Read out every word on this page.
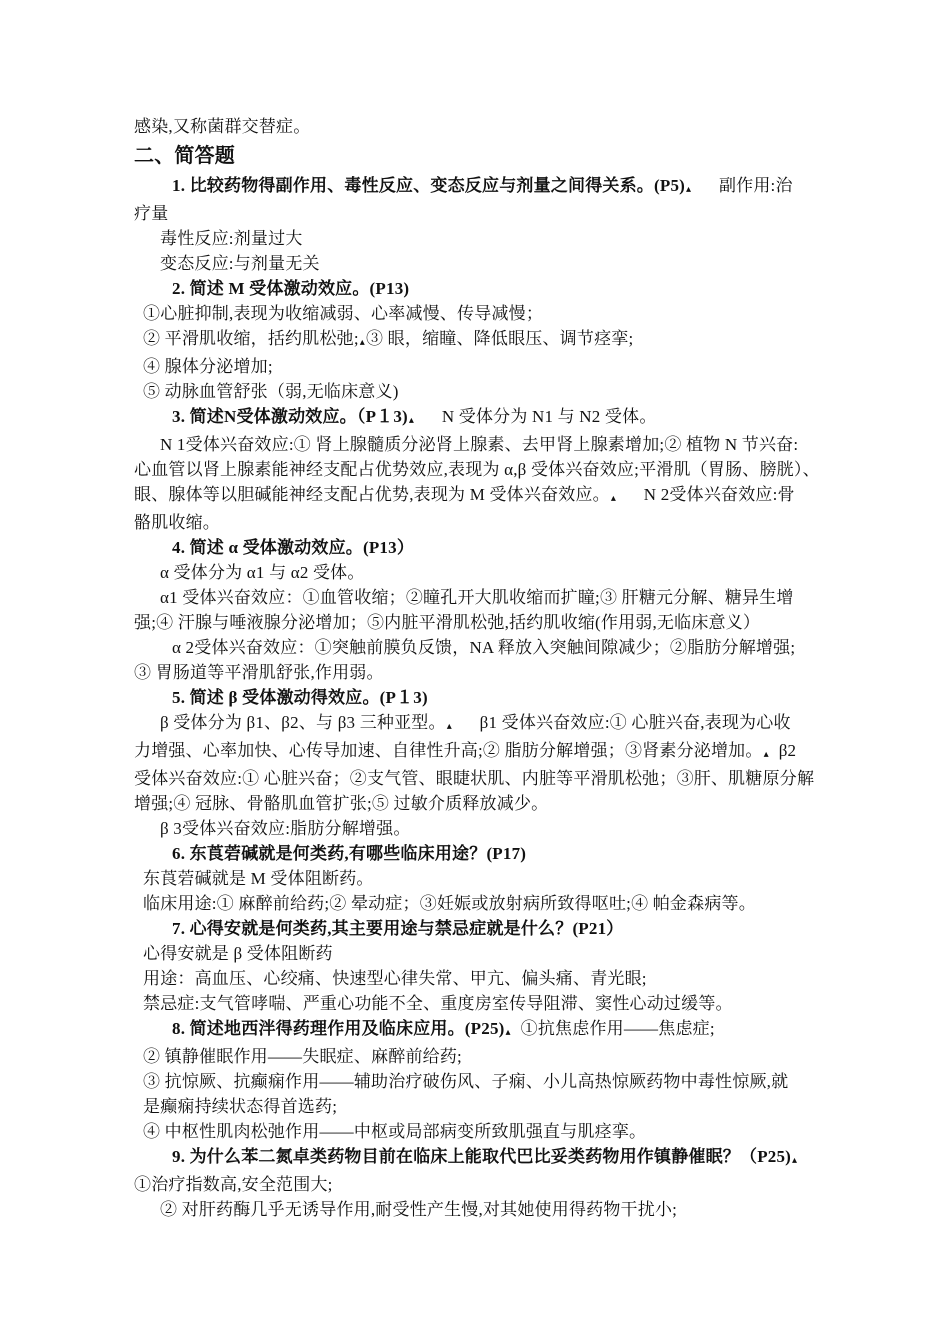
感染,又称菌群交替症。
二、简答题
1. 比较药物得副作用、毒性反应、变态反应与剂量之间得关系。(P5)▴      副作用:治
疗量
毒性反应:剂量过大
变态反应:与剂量无关
2. 简述 M 受体激动效应。(P13)
①心脏抑制,表现为收缩减弱、心率减慢、传导减慢；
② 平滑肌收缩，括约肌松弛;▴③ 眼，缩瞳、降低眼压、调节痉挛;
④ 腺体分泌增加;
⑤ 动脉血管舒张（弱,无临床意义)
3. 简述N受体激动效应。（P１3)▴      N 受体分为 N1 与 N2 受体。
N 1受体兴奋效应:① 肾上腺髓质分泌肾上腺素、去甲肾上腺素增加;② 植物 N 节兴奋:
心血管以肾上腺素能神经支配占优势效应,表现为 α,β 受体兴奋效应;平滑肌（胃肠、膀胱）、
眼、腺体等以胆碱能神经支配占优势,表现为 M 受体兴奋效应。▴      N 2受体兴奋效应:骨
骼肌收缩。
4. 简述 α 受体激动效应。(P13）
α 受体分为 α1 与 α2 受体。
α1 受体兴奋效应：①血管收缩；②瞳孔开大肌收缩而扩瞳;③ 肝糖元分解、糖异生增
强;④ 汗腺与唾液腺分泌增加；⑤内脏平滑肌松弛,括约肌收缩(作用弱,无临床意义）
α 2受体兴奋效应：①突触前膜负反馈，NA 释放入突触间隙减少；②脂肪分解增强;
③ 胃肠道等平滑肌舒张,作用弱。
5. 简述 β 受体激动得效应。(P１3)
β 受体分为 β1、β2、与 β3 三种亚型。▴      β1 受体兴奋效应:① 心脏兴奋,表现为心收
力增强、心率加快、心传导加速、自律性升高;② 脂肪分解增强；③肾素分泌增加。▴  β2
受体兴奋效应:① 心脏兴奋；②支气管、眼睫状肌、内脏等平滑肌松弛；③肝、肌糖原分解
增强;④ 冠脉、骨骼肌血管扩张;⑤ 过敏介质释放减少。
β 3受体兴奋效应:脂肪分解增强。
6. 东莨菪碱就是何类药,有哪些临床用途？(P17)
东莨菪碱就是 M 受体阻断药。
临床用途:① 麻醉前给药;② 晕动症；③妊娠或放射病所致得呕吐;④ 帕金森病等。
7. 心得安就是何类药,其主要用途与禁忌症就是什么？(P21）
心得安就是 β 受体阻断药
用途：高血压、心绞痛、快速型心律失常、甲亢、偏头痛、青光眼;
禁忌症:支气管哮喘、严重心功能不全、重度房室传导阻滞、窦性心动过缓等。
8. 简述地西泮得药理作用及临床应用。(P25)▴  ①抗焦虑作用——焦虑症;
② 镇静催眠作用——失眠症、麻醉前给药;
③ 抗惊厥、抗癫痫作用——辅助治疗破伤风、子痫、小儿高热惊厥药物中毒性惊厥,就
是癫痫持续状态得首选药;
④ 中枢性肌肉松弛作用——中枢或局部病变所致肌强直与肌痉挛。
9. 为什么苯二氮卓类药物目前在临床上能取代巴比妥类药物用作镇静催眠？（P25)▴
①治疗指数高,安全范围大;
② 对肝药酶几乎无诱导作用,耐受性产生慢,对其她使用得药物干扰小;
